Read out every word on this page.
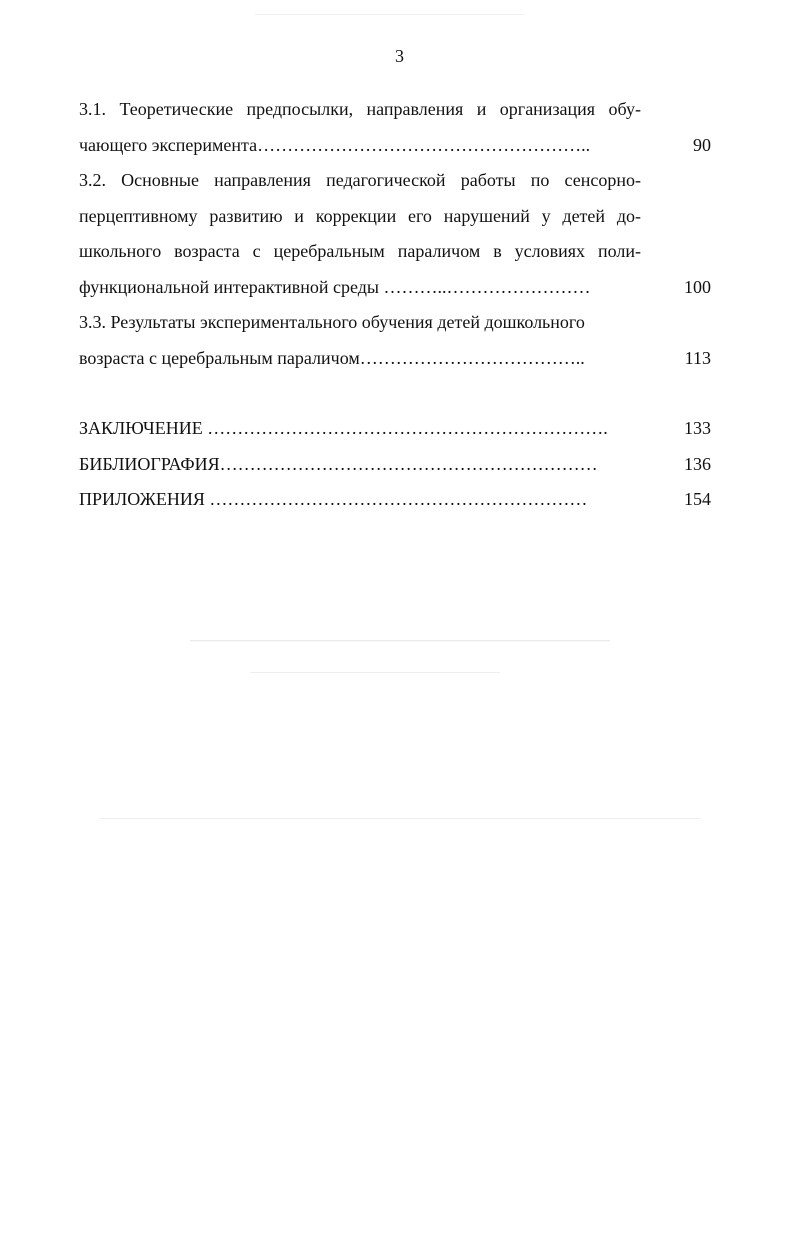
3
3.1. Теоретические предпосылки, направления и организация обу-
чающего эксперимента………………………………………………..	90
3.2. Основные направления педагогической работы по сенсорно-
перцептивному развитию и коррекции его нарушений у детей до-
школьного возраста с церебральным параличом в условиях поли-
функциональной интерактивной среды ………..……………………	100
3.3. Результаты экспериментального обучения детей дошкольного
возраста с церебральным параличом………………………………..	113
ЗАКЛЮЧЕНИЕ ………………………………………………………….	133
БИБЛИОГРАФИЯ………………………………………………………	136
ПРИЛОЖЕНИЯ ………………………………………………………	154
